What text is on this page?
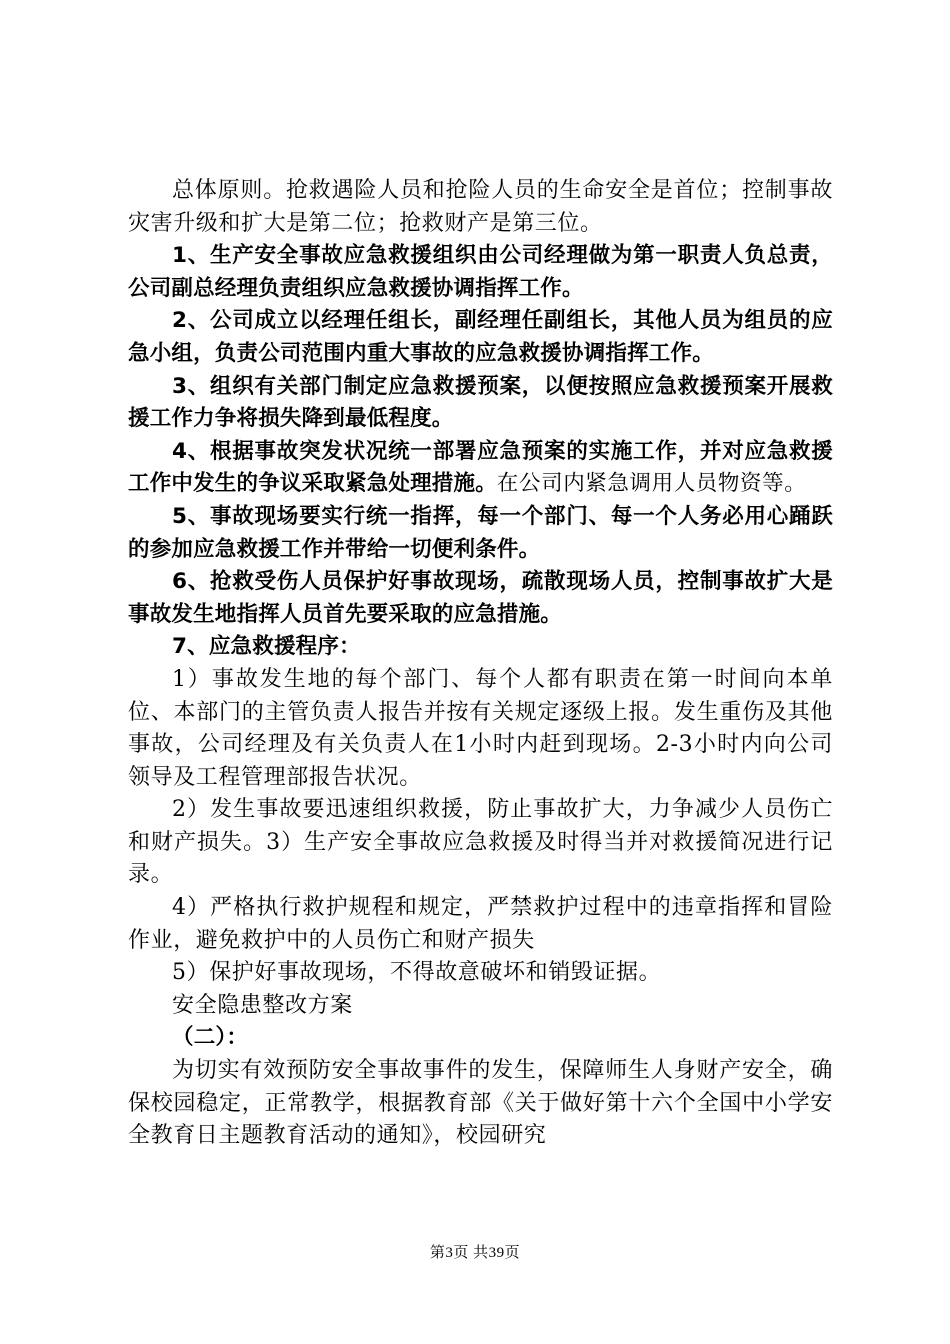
总体原则。抢救遇险人员和抢险人员的生命安全是首位；控制事故灾害升级和扩大是第二位；抢救财产是第三位。

1、生产安全事故应急救援组织由公司经理做为第一职责人负总责，公司副总经理负责组织应急救援协调指挥工作。

2、公司成立以经理任组长，副经理任副组长，其他人员为组员的应急小组，负责公司范围内重大事故的应急救援协调指挥工作。

3、组织有关部门制定应急救援预案，以便按照应急救援预案开展救援工作力争将损失降到最低程度。

4、根据事故突发状况统一部署应急预案的实施工作，并对应急救援工作中发生的争议采取紧急处理措施。在公司内紧急调用人员物资等。

5、事故现场要实行统一指挥，每一个部门、每一个人务必用心踊跃的参加应急救援工作并带给一切便利条件。

6、抢救受伤人员保护好事故现场，疏散现场人员，控制事故扩大是事故发生地指挥人员首先要采取的应急措施。

7、应急救援程序：

1）事故发生地的每个部门、每个人都有职责在第一时间向本单位、本部门的主管负责人报告并按有关规定逐级上报。发生重伤及其他事故，公司经理及有关负责人在1小时内赶到现场。2-3小时内向公司领导及工程管理部报告状况。

2）发生事故要迅速组织救援，防止事故扩大，力争减少人员伤亡和财产损失。3）生产安全事故应急救援及时得当并对救援简况进行记录。

4）严格执行救护规程和规定，严禁救护过程中的违章指挥和冒险作业，避免救护中的人员伤亡和财产损失

5）保护好事故现场，不得故意破坏和销毁证据。

安全隐患整改方案

（二）：

为切实有效预防安全事故事件的发生，保障师生人身财产安全，确保校园稳定，正常教学，根据教育部《关于做好第十六个全国中小学安全教育日主题教育活动的通知》，校园研究

第3页 共39页
